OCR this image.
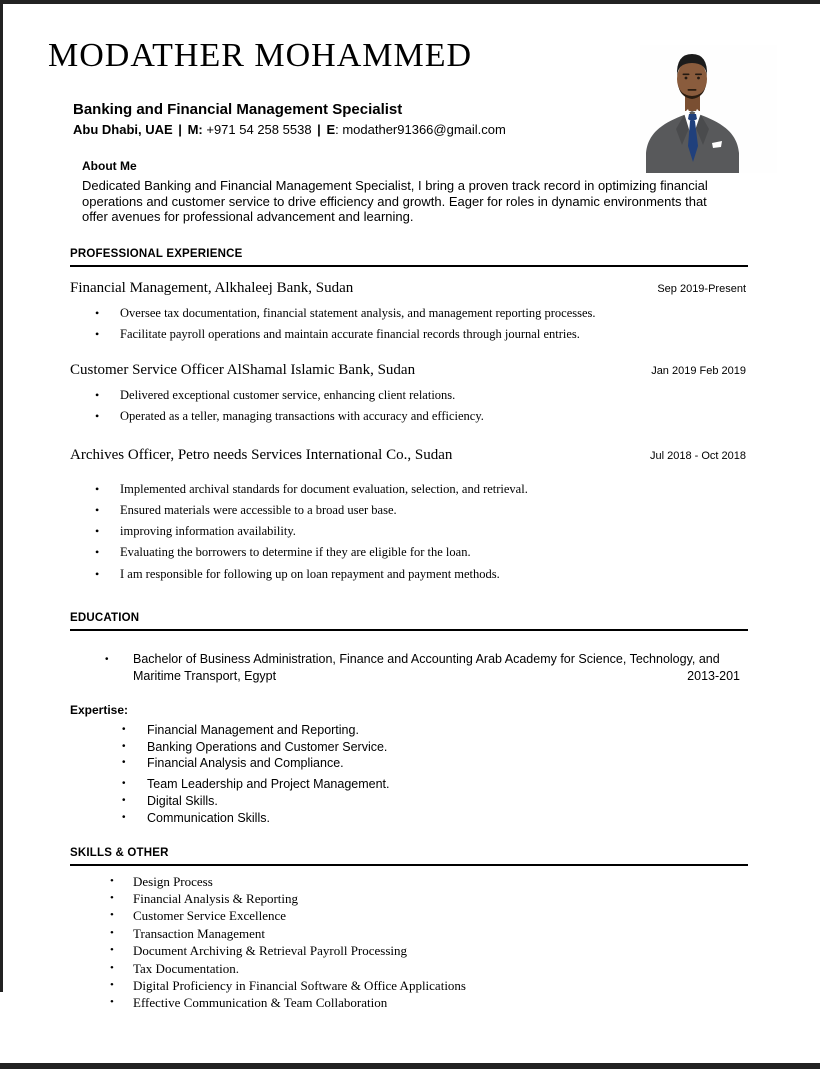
MODATHER MOHAMMED
Banking and Financial Management Specialist
Abu Dhabi, UAE | M: +971 54 258 5538 | E: modather91366@gmail.com
About Me
Dedicated Banking and Financial Management Specialist, I bring a proven track record in optimizing financial operations and customer service to drive efficiency and growth. Eager for roles in dynamic environments that offer avenues for professional advancement and learning.
PROFESSIONAL EXPERIENCE
Financial Management, Alkhaleej Bank, Sudan	Sep 2019-Present
• Oversee tax documentation, financial statement analysis, and management reporting processes.
• Facilitate payroll operations and maintain accurate financial records through journal entries.
Customer Service Officer AlShamal Islamic Bank, Sudan	Jan 2019 Feb 2019
• Delivered exceptional customer service, enhancing client relations.
• Operated as a teller, managing transactions with accuracy and efficiency.
Archives Officer, Petro needs Services International Co., Sudan	Jul 2018 - Oct 2018
• Implemented archival standards for document evaluation, selection, and retrieval.
• Ensured materials were accessible to a broad user base.
• improving information availability.
• Evaluating the borrowers to determine if they are eligible for the loan.
• I am responsible for following up on loan repayment and payment methods.
EDUCATION
• Bachelor of Business Administration, Finance and Accounting Arab Academy for Science, Technology, and
Maritime Transport, Egypt	2013-201
Expertise:
• Financial Management and Reporting.
• Banking Operations and Customer Service.
• Financial Analysis and Compliance.
• Team Leadership and Project Management.
• Digital Skills.
• Communication Skills.
SKILLS & OTHER
• Design Process
• Financial Analysis & Reporting
• Customer Service Excellence
• Transaction Management
• Document Archiving & Retrieval Payroll Processing
• Tax Documentation.
• Digital Proficiency in Financial Software & Office Applications
• Effective Communication & Team Collaboration
